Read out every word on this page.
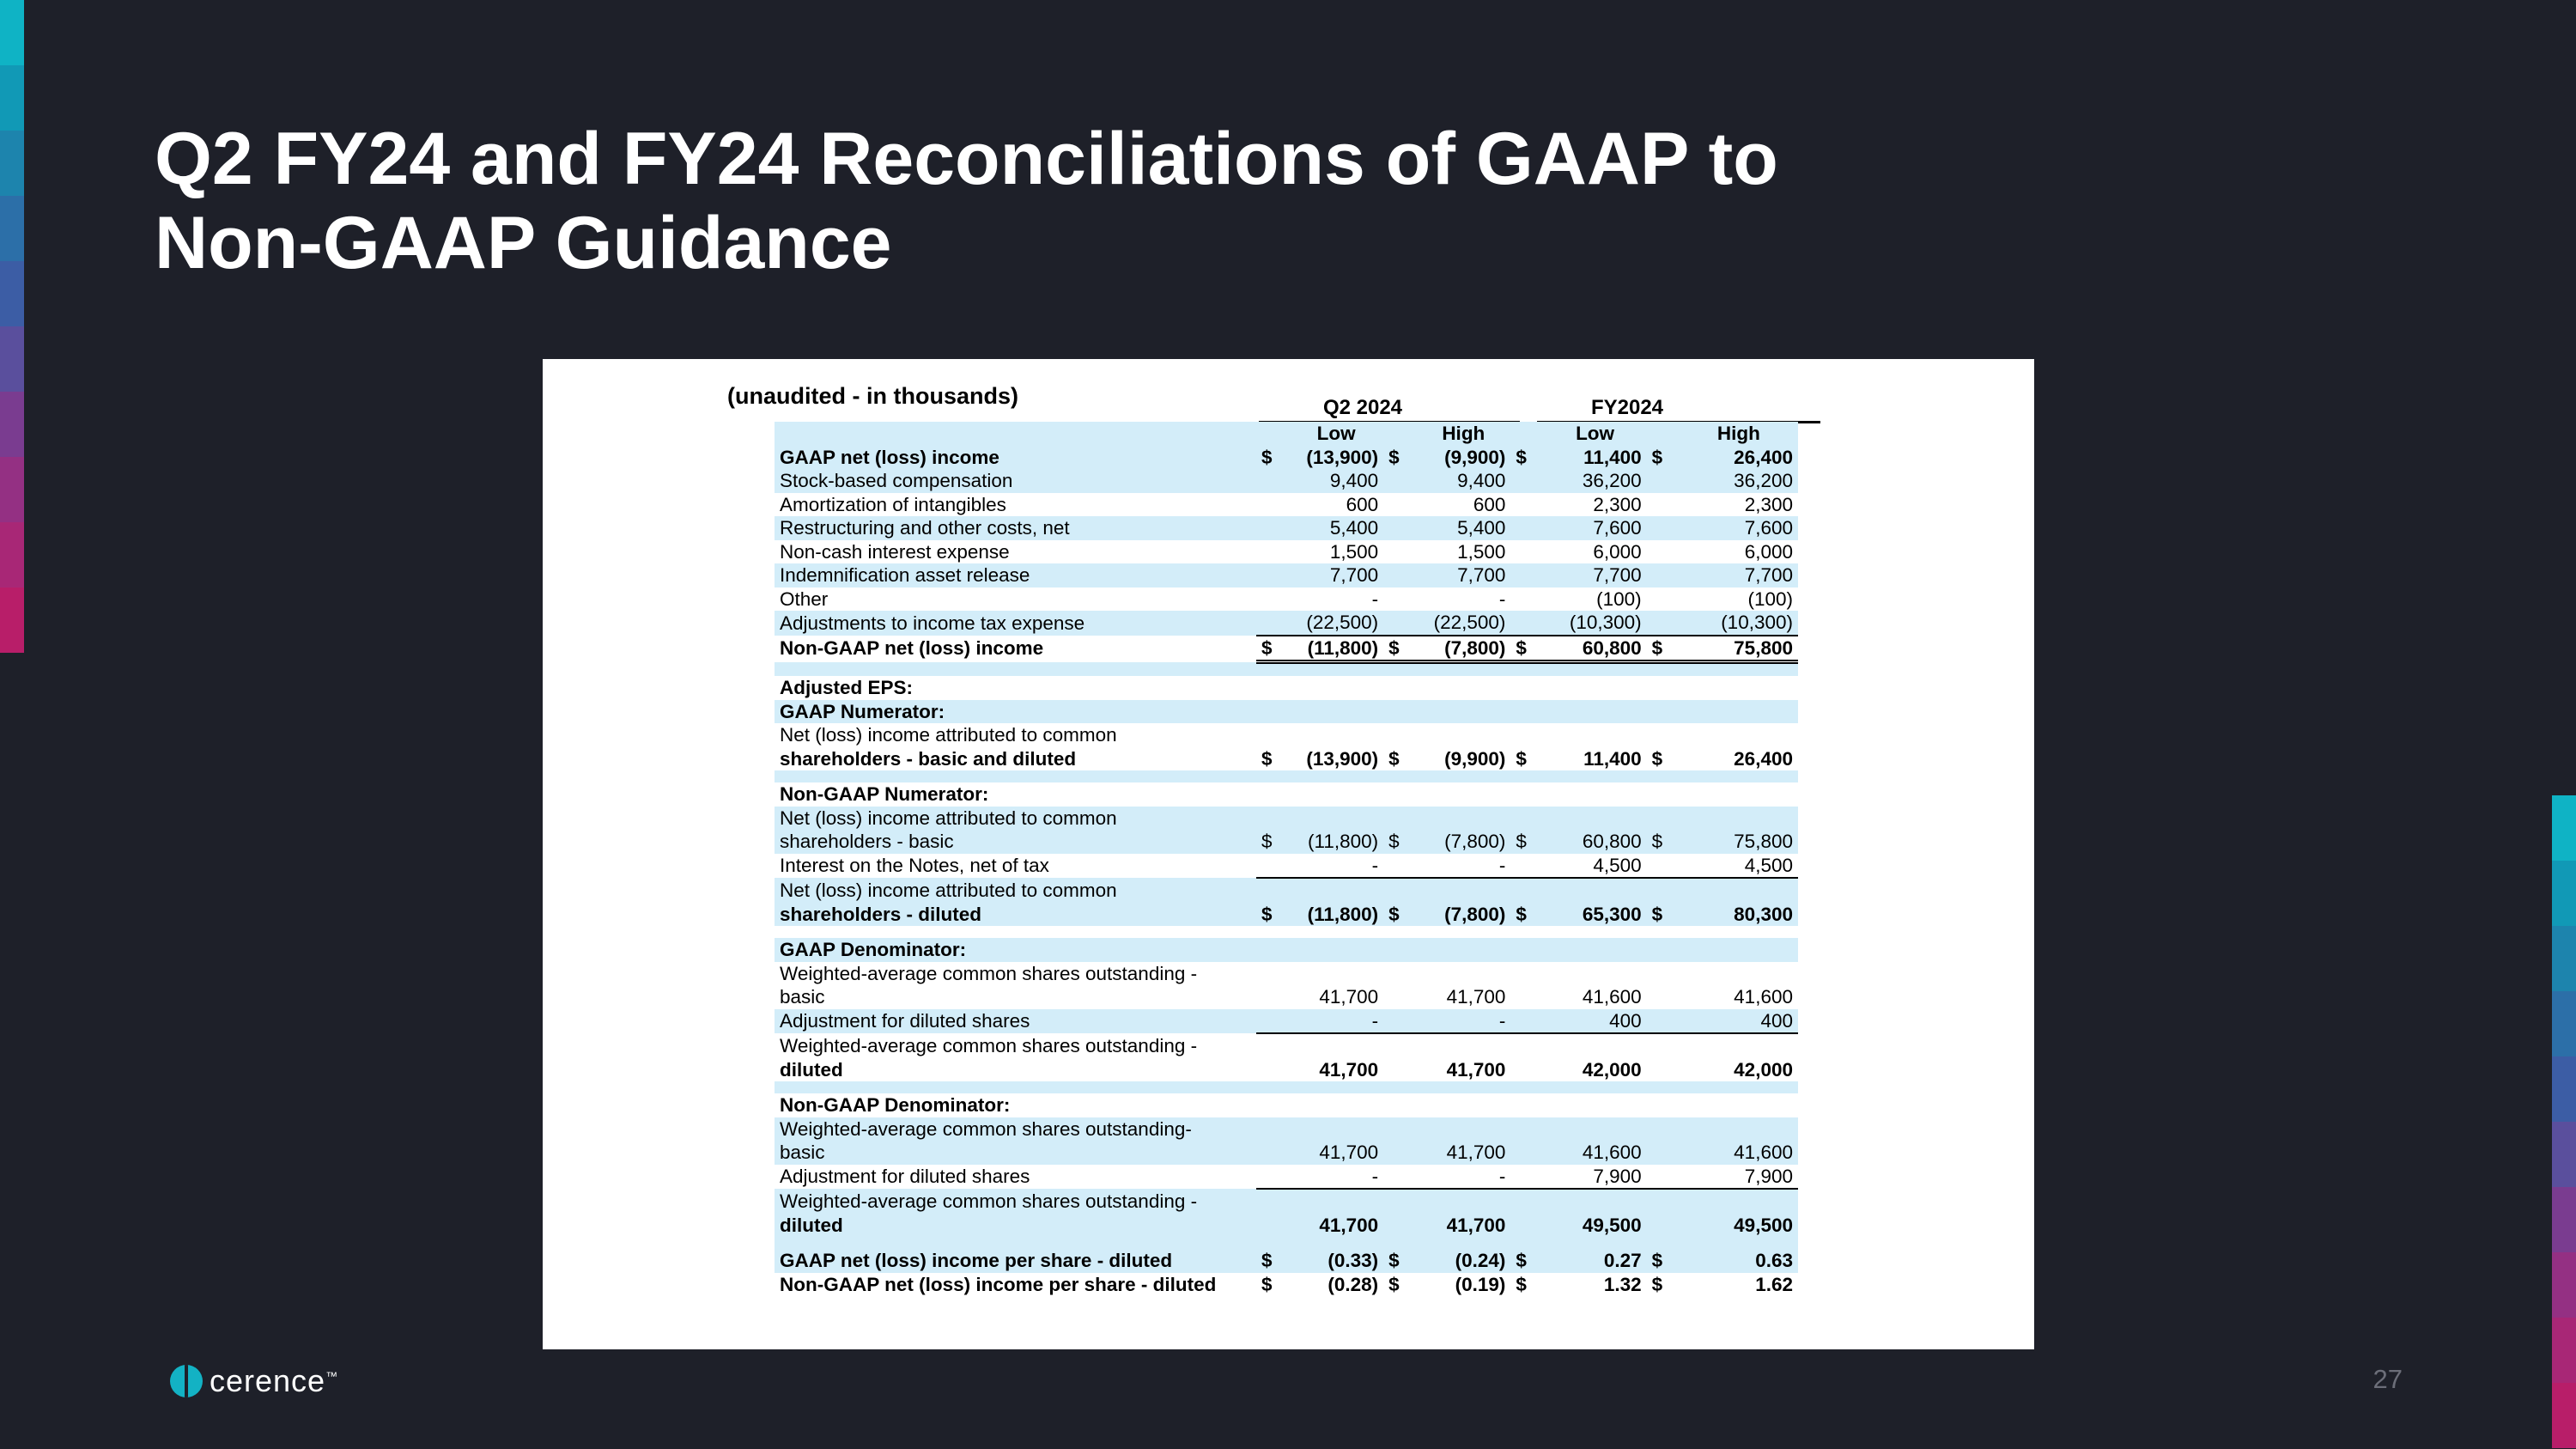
Q2 FY24 and FY24 Reconciliations of GAAP to
Non-GAAP Guidance
(unaudited - in thousands)	Q2 2024	FY2024
		Low		High		Low		High
GAAP net (loss) income	$	(13,900)	$	(9,900)	$	11,400	$	26,400
Stock-based compensation		9,400		9,400		36,200		36,200
Amortization of intangibles		600		600		2,300		2,300
Restructuring and other costs, net		5,400		5,400		7,600		7,600
Non-cash interest expense		1,500		1,500		6,000		6,000
Indemnification asset release		7,700		7,700		7,700		7,700
Other		-		-		(100)		(100)
Adjustments to income tax expense		(22,500)		(22,500)		(10,300)		(10,300)
Non-GAAP net (loss) income	$	(11,800)	$	(7,800)	$	60,800	$	75,800

Adjusted EPS:								
GAAP Numerator:								
Net (loss) income attributed to common								
shareholders - basic and diluted	$	(13,900)	$	(9,900)	$	11,400	$	26,400

Non-GAAP Numerator:								
Net (loss) income attributed to common								
shareholders - basic	$	(11,800)	$	(7,800)	$	60,800	$	75,800
Interest on the Notes, net of tax		-		-		4,500		4,500
Net (loss) income attributed to common								
shareholders - diluted	$	(11,800)	$	(7,800)	$	65,300	$	80,300

GAAP Denominator:								
Weighted-average common shares outstanding -								
basic		41,700		41,700		41,600		41,600
Adjustment for diluted shares		-		-		400		400
Weighted-average common shares outstanding -								
diluted		41,700		41,700		42,000		42,000

Non-GAAP Denominator:								
Weighted-average common shares outstanding-								
basic		41,700		41,700		41,600		41,600
Adjustment for diluted shares		-		-		7,900		7,900
Weighted-average common shares outstanding -								
diluted		41,700		41,700		49,500		49,500

GAAP net (loss) income per share - diluted	$	(0.33)	$	(0.24)	$	0.27	$	0.63
Non-GAAP net (loss) income per share - diluted	$	(0.28)	$	(0.19)	$	1.32	$	1.62
cerence™	27
